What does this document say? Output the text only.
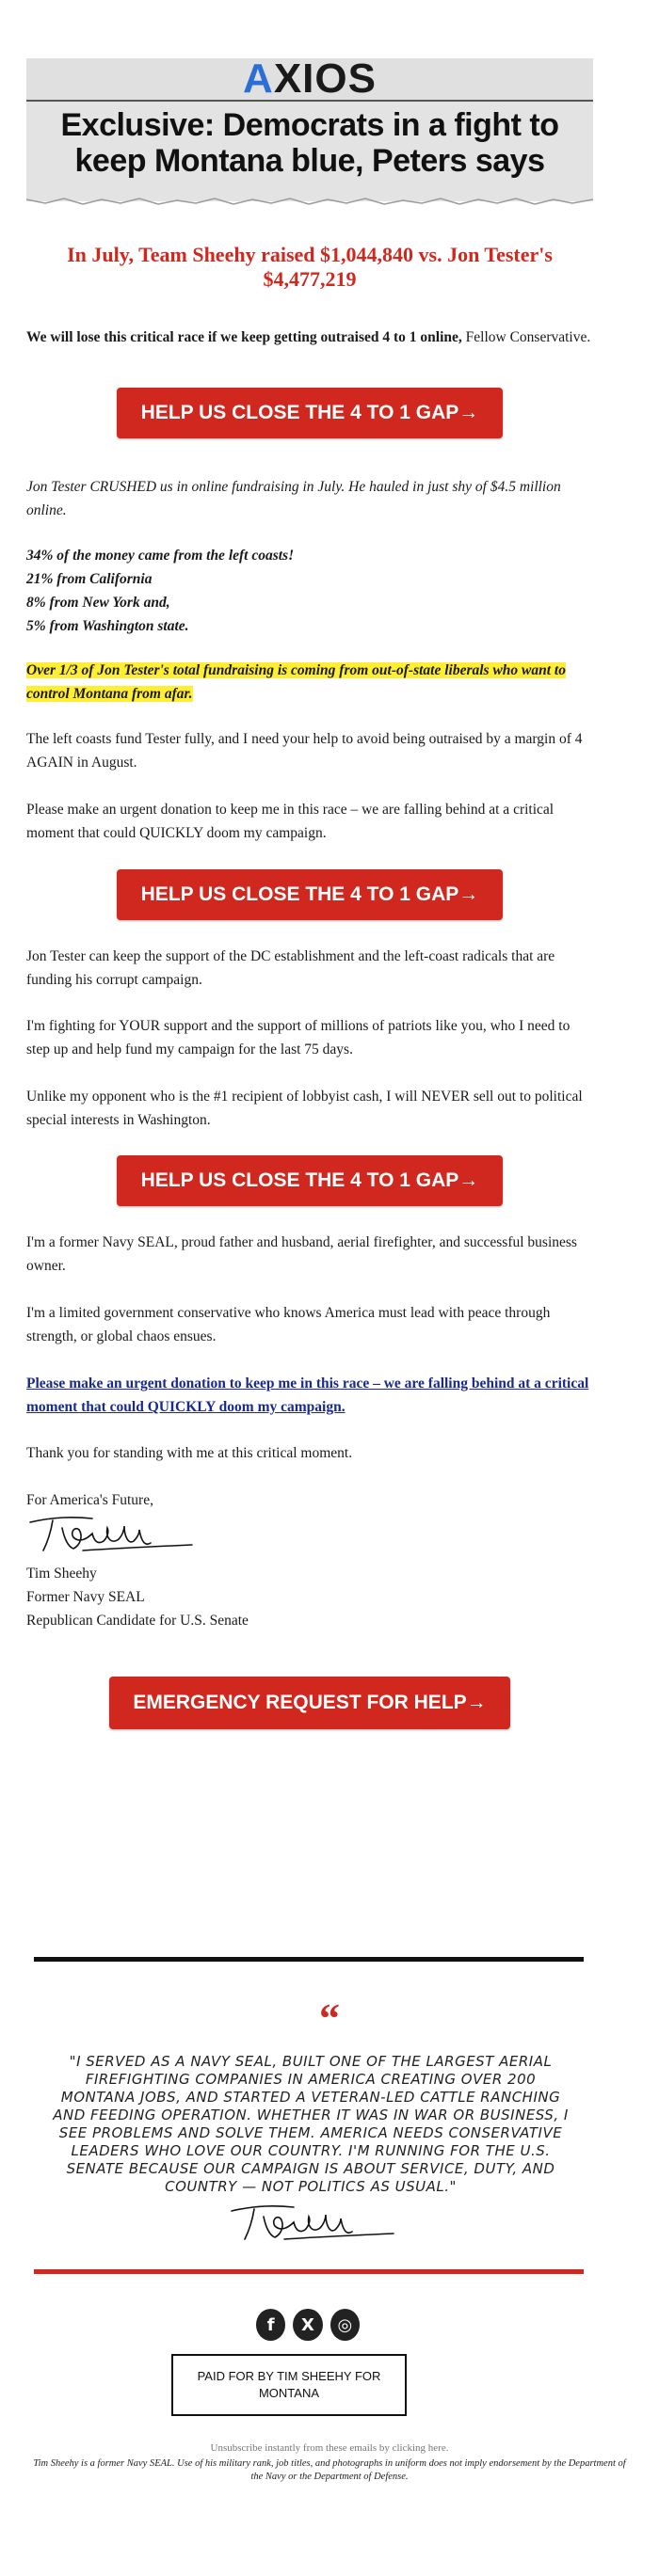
AXIOS
Exclusive: Democrats in a fight to
keep Montana blue, Peters says
In July, Team Sheehy raised $1,044,840 vs. Jon Tester's $4,477,219
We will lose this critical race if we keep getting outraised 4 to 1 online, Fellow Conservative.
HELP US CLOSE THE 4 TO 1 GAP→
Jon Tester CRUSHED us in online fundraising in July. He hauled in just shy of $4.5 million online.
34% of the money came from the left coasts!
21% from California
8% from New York and,
5% from Washington state.
Over 1/3 of Jon Tester's total fundraising is coming from out-of-state liberals who want to control Montana from afar.
The left coasts fund Tester fully, and I need your help to avoid being outraised by a margin of 4 AGAIN in August.
Please make an urgent donation to keep me in this race – we are falling behind at a critical moment that could QUICKLY doom my campaign.
HELP US CLOSE THE 4 TO 1 GAP→
Jon Tester can keep the support of the DC establishment and the left-coast radicals that are funding his corrupt campaign.
I'm fighting for YOUR support and the support of millions of patriots like you, who I need to step up and help fund my campaign for the last 75 days.
Unlike my opponent who is the #1 recipient of lobbyist cash, I will NEVER sell out to political special interests in Washington.
HELP US CLOSE THE 4 TO 1 GAP→
I'm a former Navy SEAL, proud father and husband, aerial firefighter, and successful business owner.
I'm a limited government conservative who knows America must lead with peace through strength, or global chaos ensues.
Please make an urgent donation to keep me in this race – we are falling behind at a critical moment that could QUICKLY doom my campaign.
Thank you for standing with me at this critical moment.
For America's Future,
Tim Sheehy
Former Navy SEAL
Republican Candidate for U.S. Senate
EMERGENCY REQUEST FOR HELP→
“
"I SERVED AS A NAVY SEAL, BUILT ONE OF THE LARGEST AERIAL FIREFIGHTING COMPANIES IN AMERICA CREATING OVER 200 MONTANA JOBS, AND STARTED A VETERAN-LED CATTLE RANCHING AND FEEDING OPERATION. WHETHER IT WAS IN WAR OR BUSINESS, I SEE PROBLEMS AND SOLVE THEM. AMERICA NEEDS CONSERVATIVE LEADERS WHO LOVE OUR COUNTRY. I'M RUNNING FOR THE U.S. SENATE BECAUSE OUR CAMPAIGN IS ABOUT SERVICE, DUTY, AND COUNTRY — NOT POLITICS AS USUAL."
f	X	◎
PAID FOR BY TIM SHEEHY FOR MONTANA
Unsubscribe instantly from these emails by clicking here.
Tim Sheehy is a former Navy SEAL. Use of his military rank, job titles, and photographs in uniform does not imply endorsement by the Department of the Navy or the Department of Defense.
